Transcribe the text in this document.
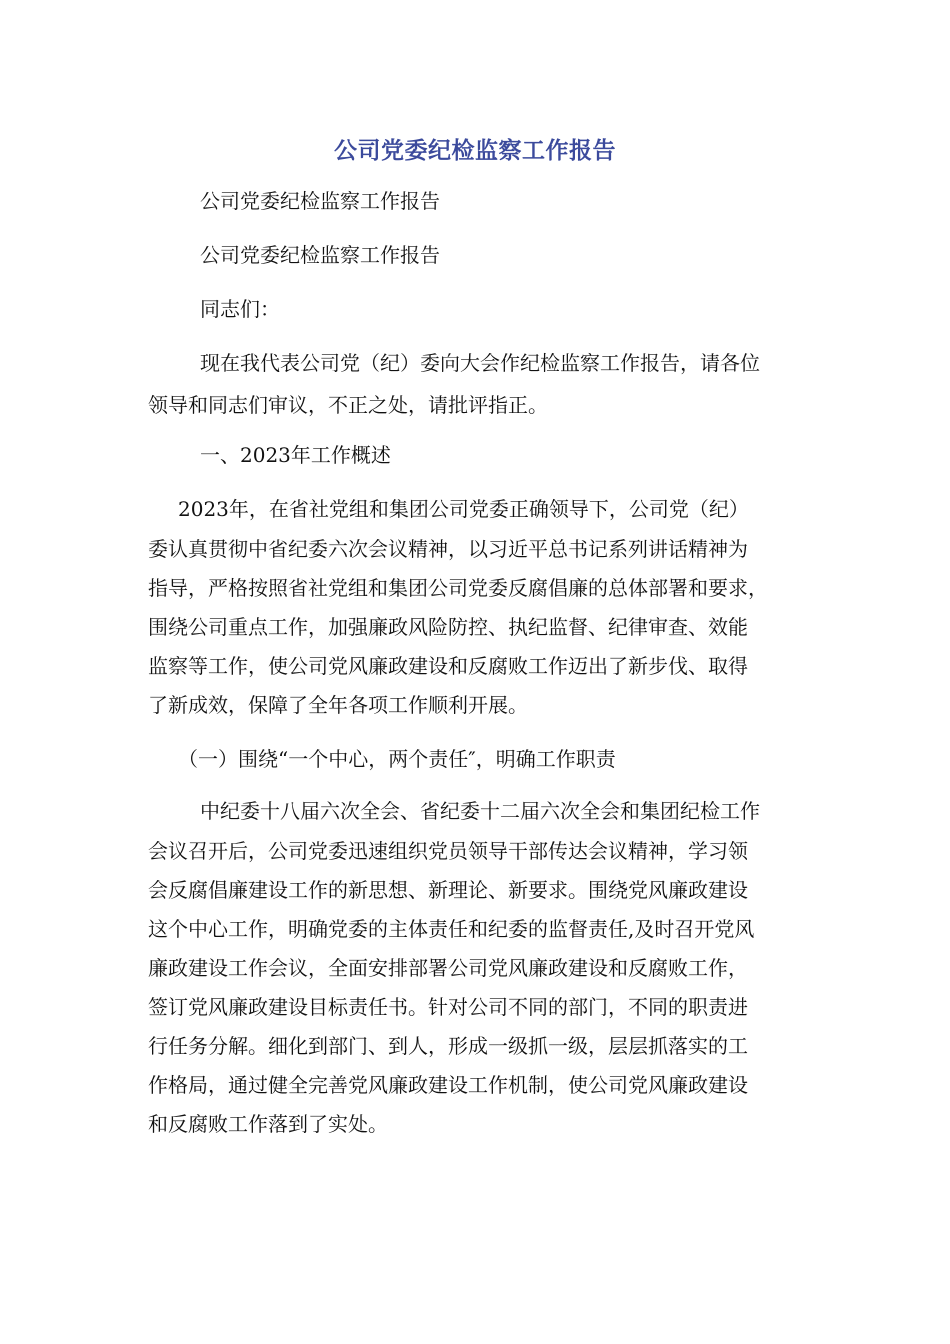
公司党委纪检监察工作报告
公司党委纪检监察工作报告
公司党委纪检监察工作报告
同志们：
现在我代表公司党（纪）委向大会作纪检监察工作报告，请各位
领导和同志们审议，不正之处，请批评指正。
一、2023年工作概述
2023年，在省社党组和集团公司党委正确领导下，公司党（纪）
委认真贯彻中省纪委六次会议精神，以习近平总书记系列讲话精神为
指导，严格按照省社党组和集团公司党委反腐倡廉的总体部署和要求，
围绕公司重点工作，加强廉政风险防控、执纪监督、纪律审查、效能
监察等工作，使公司党风廉政建设和反腐败工作迈出了新步伐、取得
了新成效，保障了全年各项工作顺利开展。
（一）围绕“一个中心，两个责任″，明确工作职责
中纪委十八届六次全会、省纪委十二届六次全会和集团纪检工作
会议召开后，公司党委迅速组织党员领导干部传达会议精神，学习领
会反腐倡廉建设工作的新思想、新理论、新要求。围绕党风廉政建设
这个中心工作，明确党委的主体责任和纪委的监督责任,及时召开党风
廉政建设工作会议，全面安排部署公司党风廉政建设和反腐败工作，
签订党风廉政建设目标责任书。针对公司不同的部门，不同的职责进
行任务分解。细化到部门、到人，形成一级抓一级，层层抓落实的工
作格局，通过健全完善党风廉政建设工作机制，使公司党风廉政建设
和反腐败工作落到了实处。
